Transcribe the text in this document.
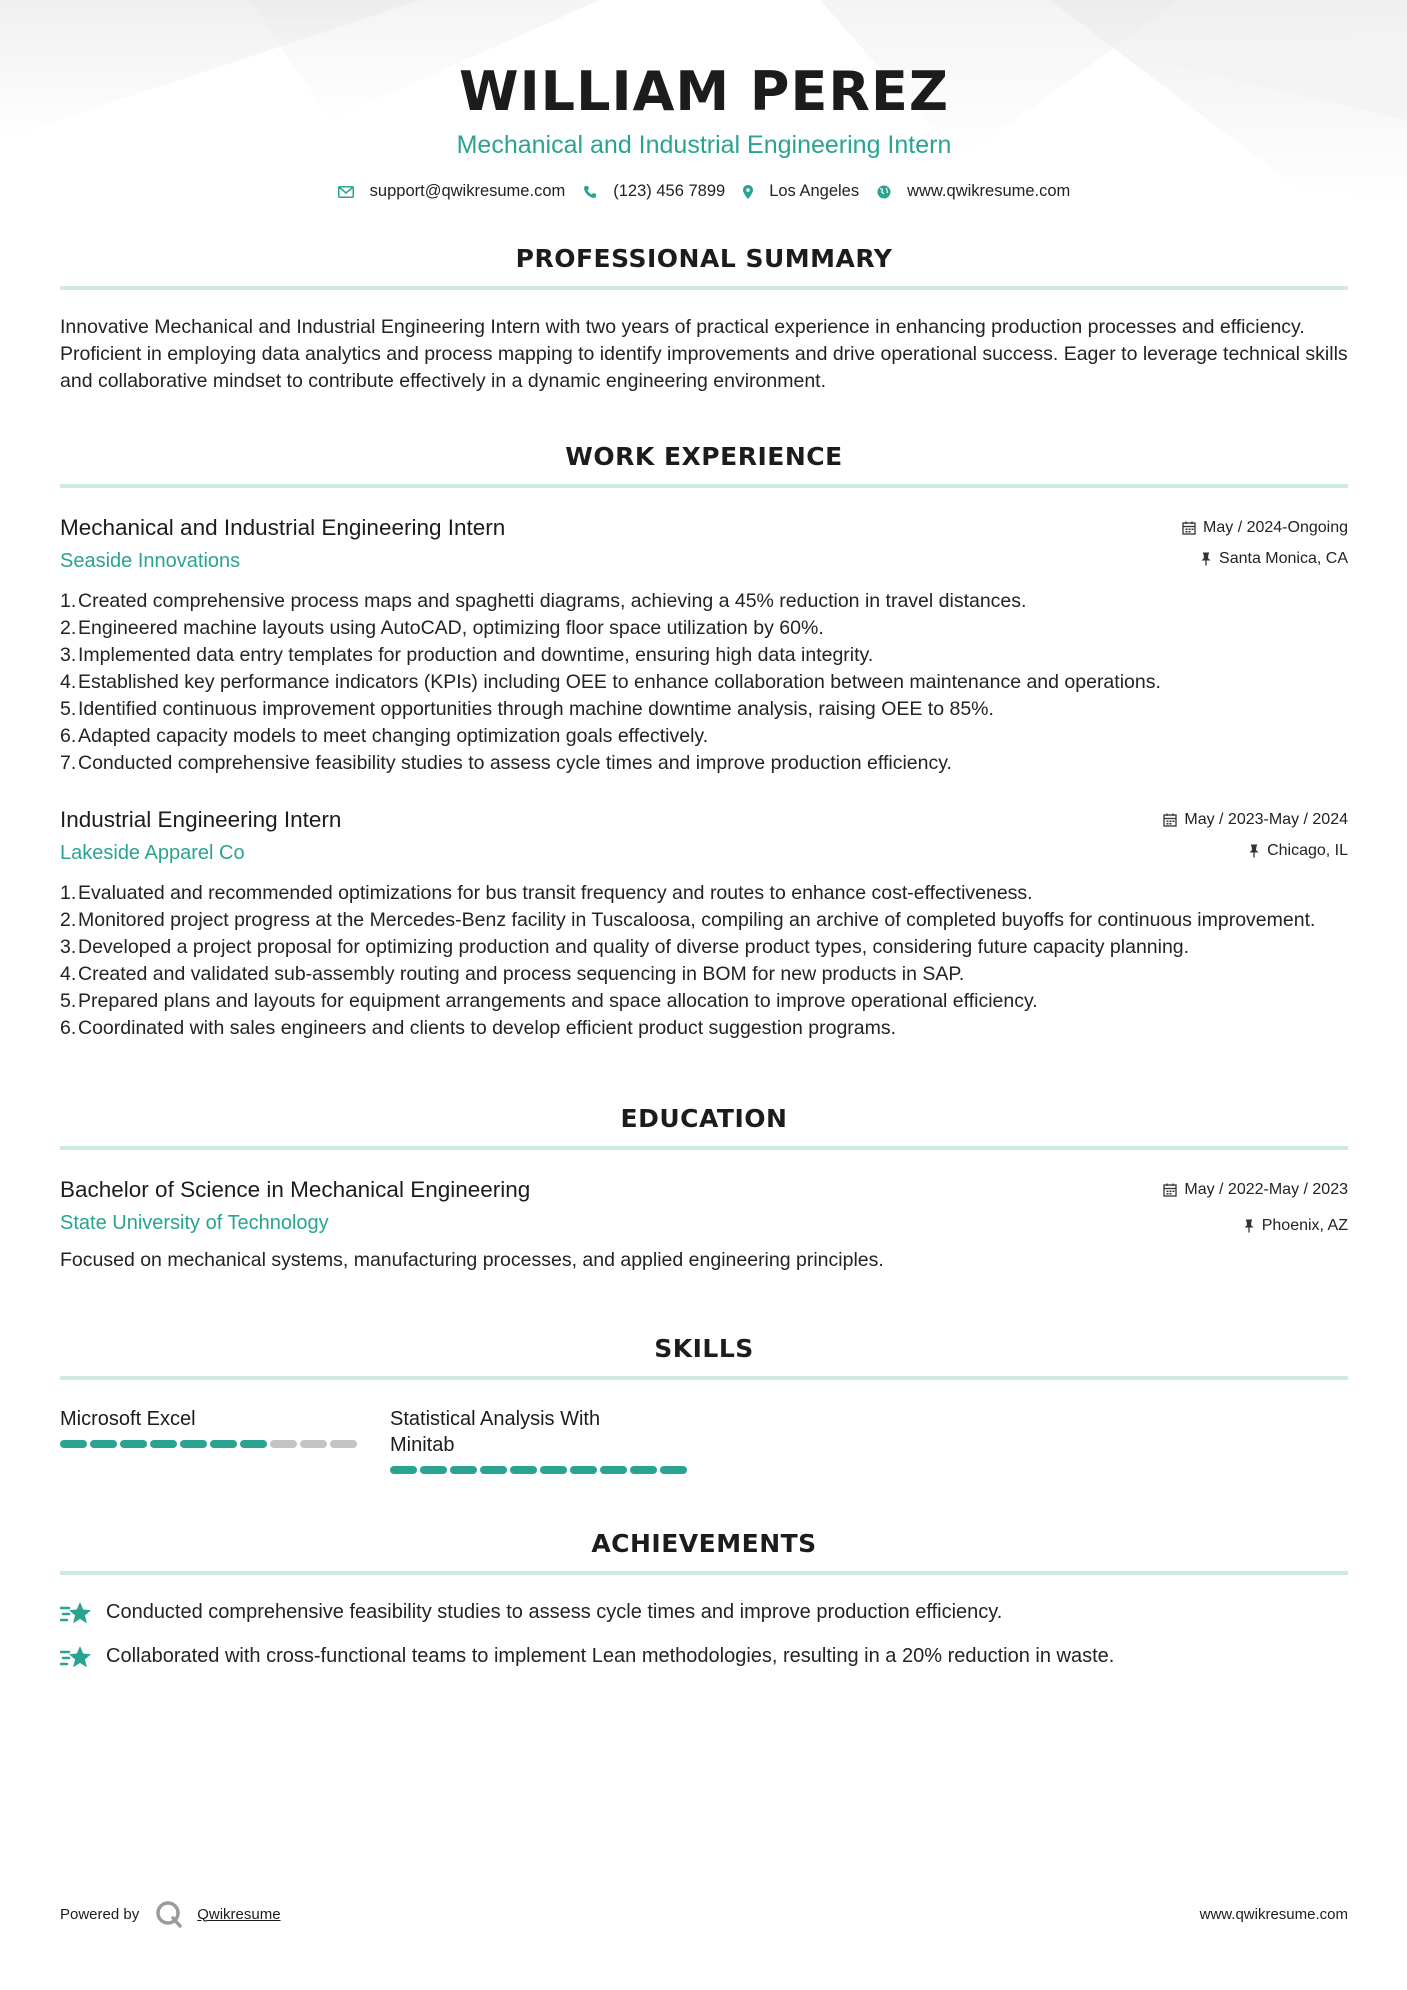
WILLIAM PEREZ
Mechanical and Industrial Engineering Intern
support@qwikresume.com	(123) 456 7899	Los Angeles	www.qwikresume.com
PROFESSIONAL SUMMARY

Innovative Mechanical and Industrial Engineering Intern with two years of practical experience in enhancing production processes and efficiency. Proficient in employing data analytics and process mapping to identify improvements and drive operational success. Eager to leverage technical skills and collaborative mindset to contribute effectively in a dynamic engineering environment.

WORK EXPERIENCE
Mechanical and Industrial Engineering Intern
Seaside Innovations
May / 2024-Ongoing
Santa Monica, CA
Created comprehensive process maps and spaghetti diagrams, achieving a 45% reduction in travel distances.
Engineered machine layouts using AutoCAD, optimizing floor space utilization by 60%.
Implemented data entry templates for production and downtime, ensuring high data integrity.
Established key performance indicators (KPIs) including OEE to enhance collaboration between maintenance and operations.
Identified continuous improvement opportunities through machine downtime analysis, raising OEE to 85%.
Adapted capacity models to meet changing optimization goals effectively.
Conducted comprehensive feasibility studies to assess cycle times and improve production efficiency.
Industrial Engineering Intern
Lakeside Apparel Co
May / 2023-May / 2024
Chicago, IL
Evaluated and recommended optimizations for bus transit frequency and routes to enhance cost-effectiveness.
Monitored project progress at the Mercedes-Benz facility in Tuscaloosa, compiling an archive of completed buyoffs for continuous improvement.
Developed a project proposal for optimizing production and quality of diverse product types, considering future capacity planning.
Created and validated sub-assembly routing and process sequencing in BOM for new products in SAP.
Prepared plans and layouts for equipment arrangements and space allocation to improve operational efficiency.
Coordinated with sales engineers and clients to develop efficient product suggestion programs.
EDUCATION
Bachelor of Science in Mechanical Engineering
State University of Technology
May / 2022-May / 2023
Phoenix, AZ

Focused on mechanical systems, manufacturing processes, and applied engineering principles.

SKILLS
Microsoft Excel	Statistical Analysis With Minitab
ACHIEVEMENTS
Conducted comprehensive feasibility studies to assess cycle times and improve production efficiency.
Collaborated with cross-functional teams to implement Lean methodologies, resulting in a 20% reduction in waste.
Powered by	Qwikresume	www.qwikresume.com
